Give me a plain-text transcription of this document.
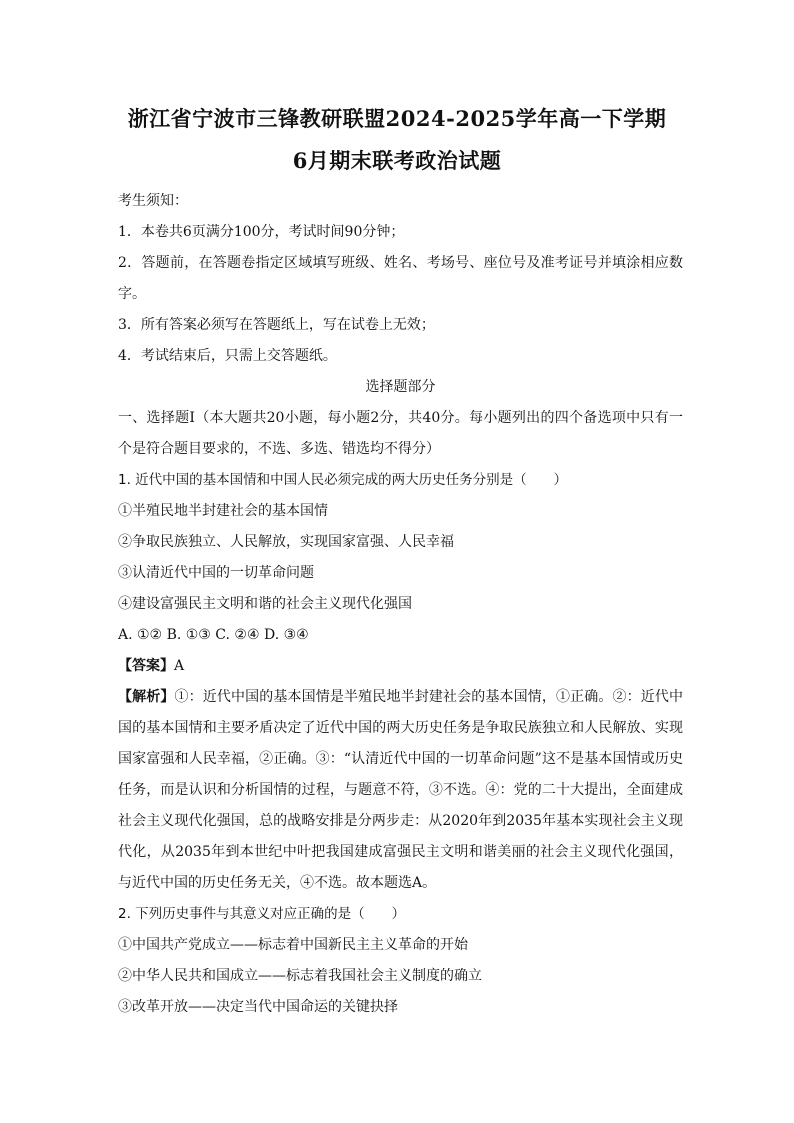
浙江省宁波市三锋教研联盟2024-2025学年高一下学期
6月期末联考政治试题
考生须知：
1．本卷共6页满分100分，考试时间90分钟；
2．答题前，在答题卷指定区域填写班级、姓名、考场号、座位号及准考证号并填涂相应数字。
3．所有答案必须写在答题纸上，写在试卷上无效；
4．考试结束后，只需上交答题纸。
选择题部分
一、选择题Ⅰ（本大题共20小题，每小题2分，共40分。每小题列出的四个备选项中只有一个是符合题目要求的，不选、多选、错选均不得分）
1. 近代中国的基本国情和中国人民必须完成的两大历史任务分别是（　　）
①半殖民地半封建社会的基本国情
②争取民族独立、人民解放，实现国家富强、人民幸福
③认清近代中国的一切革命问题
④建设富强民主文明和谐的社会主义现代化强国
A. ①② B. ①③ C. ②④ D. ③④
【答案】A
【解析】①：近代中国的基本国情是半殖民地半封建社会的基本国情，①正确。②：近代中国的基本国情和主要矛盾决定了近代中国的两大历史任务是争取民族独立和人民解放、实现国家富强和人民幸福，②正确。③：“认清近代中国的一切革命问题”这不是基本国情或历史任务，而是认识和分析国情的过程，与题意不符，③不选。④：党的二十大提出，全面建成社会主义现代化强国，总的战略安排是分两步走：从2020年到2035年基本实现社会主义现代化，从2035年到本世纪中叶把我国建成富强民主文明和谐美丽的社会主义现代化强国，与近代中国的历史任务无关，④不选。故本题选A。
2. 下列历史事件与其意义对应正确的是（　　）
①中国共产党成立——标志着中国新民主主义革命的开始
②中华人民共和国成立——标志着我国社会主义制度的确立
③改革开放——决定当代中国命运的关键抉择
